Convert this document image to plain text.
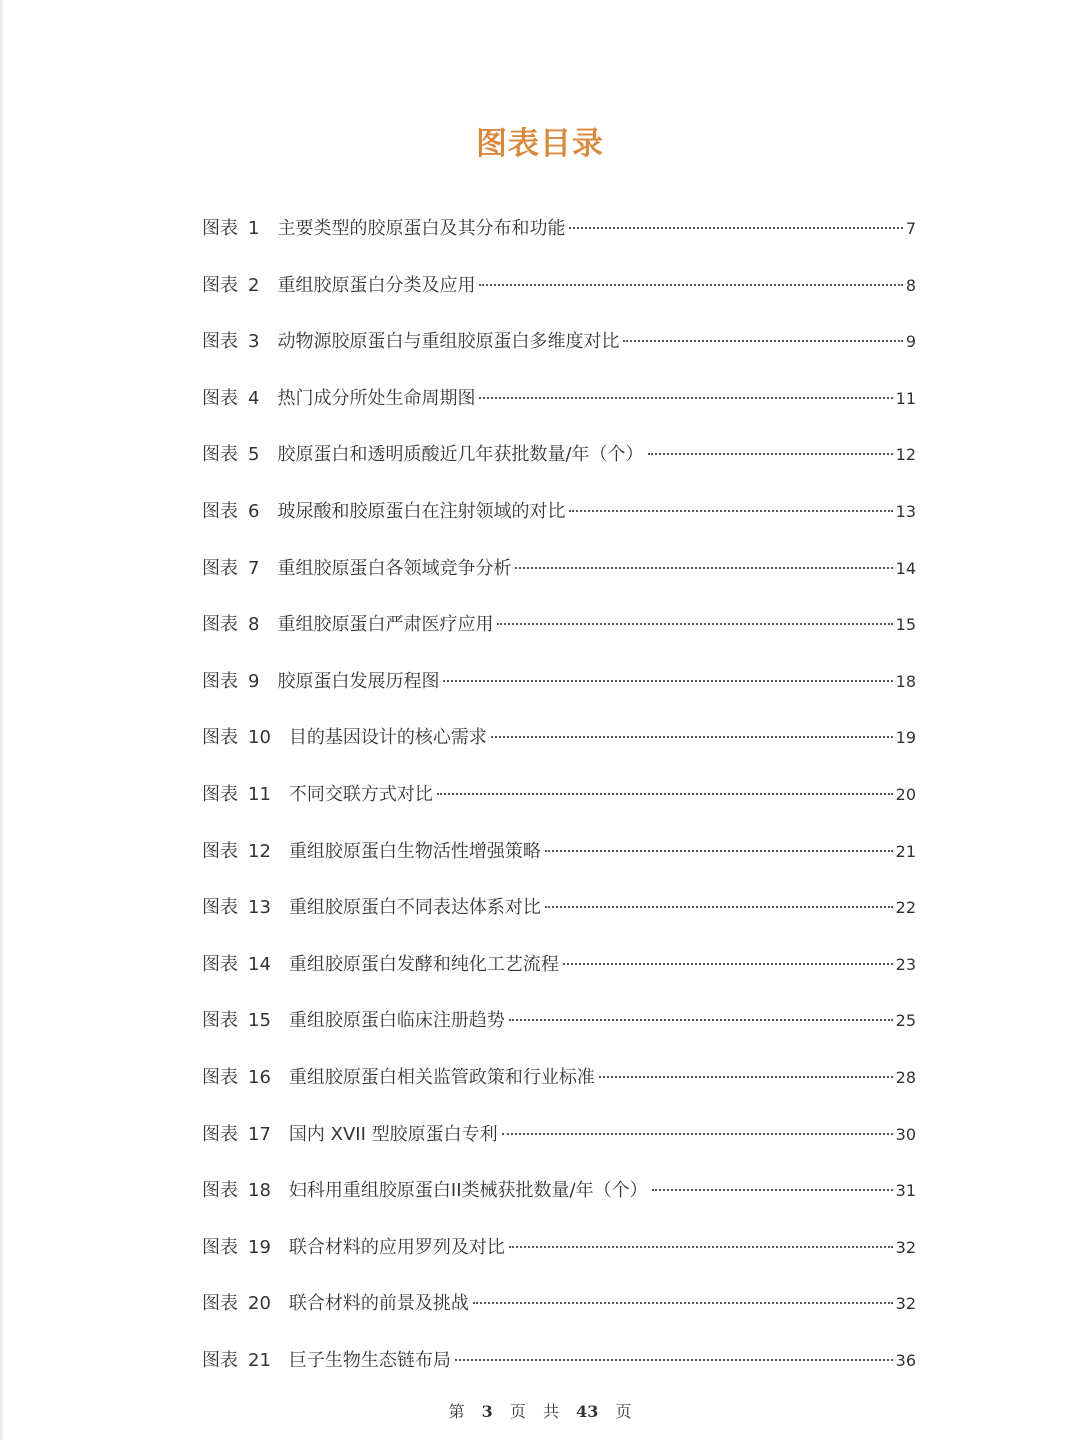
图表目录
图表 1 主要类型的胶原蛋白及其分布和功能	7
图表 2 重组胶原蛋白分类及应用	8
图表 3 动物源胶原蛋白与重组胶原蛋白多维度对比	9
图表 4 热门成分所处生命周期图	11
图表 5 胶原蛋白和透明质酸近几年获批数量/年（个）	12
图表 6 玻尿酸和胶原蛋白在注射领域的对比	13
图表 7 重组胶原蛋白各领域竞争分析	14
图表 8 重组胶原蛋白严肃医疗应用	15
图表 9 胶原蛋白发展历程图	18
图表 10 目的基因设计的核心需求	19
图表 11 不同交联方式对比	20
图表 12 重组胶原蛋白生物活性增强策略	21
图表 13 重组胶原蛋白不同表达体系对比	22
图表 14 重组胶原蛋白发酵和纯化工艺流程	23
图表 15 重组胶原蛋白临床注册趋势	25
图表 16 重组胶原蛋白相关监管政策和行业标准	28
图表 17 国内 XVII 型胶原蛋白专利	30
图表 18 妇科用重组胶原蛋白II类械获批数量/年（个）	31
图表 19 联合材料的应用罗列及对比	32
图表 20 联合材料的前景及挑战	32
图表 21 巨子生物生态链布局	36
第 3 页 共 43 页
